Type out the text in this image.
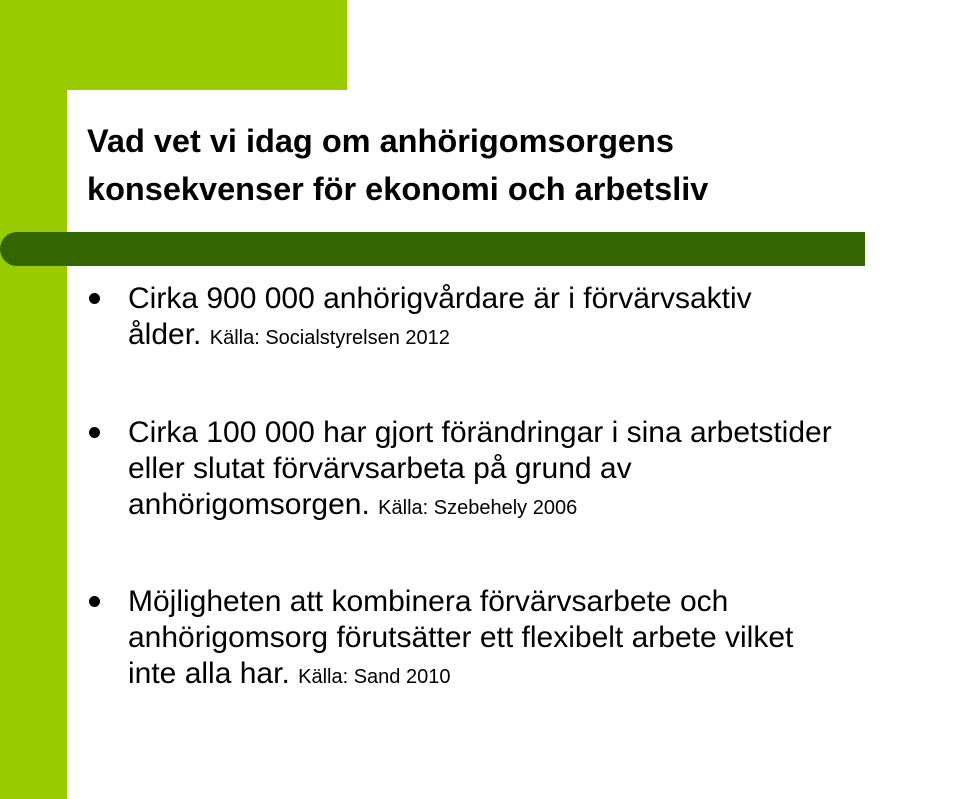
Vad vet vi idag om anhörigomsorgens
konsekvenser för ekonomi och arbetsliv
Cirka 900 000 anhörigvårdare är i förvärvsaktiv
ålder. Källa: Socialstyrelsen 2012
Cirka 100 000 har gjort förändringar i sina arbetstider
eller slutat förvärvsarbeta på grund av
anhörigomsorgen. Källa: Szebehely 2006
Möjligheten att kombinera förvärvsarbete och
anhörigomsorg förutsätter ett flexibelt arbete vilket
inte alla har. Källa: Sand 2010
